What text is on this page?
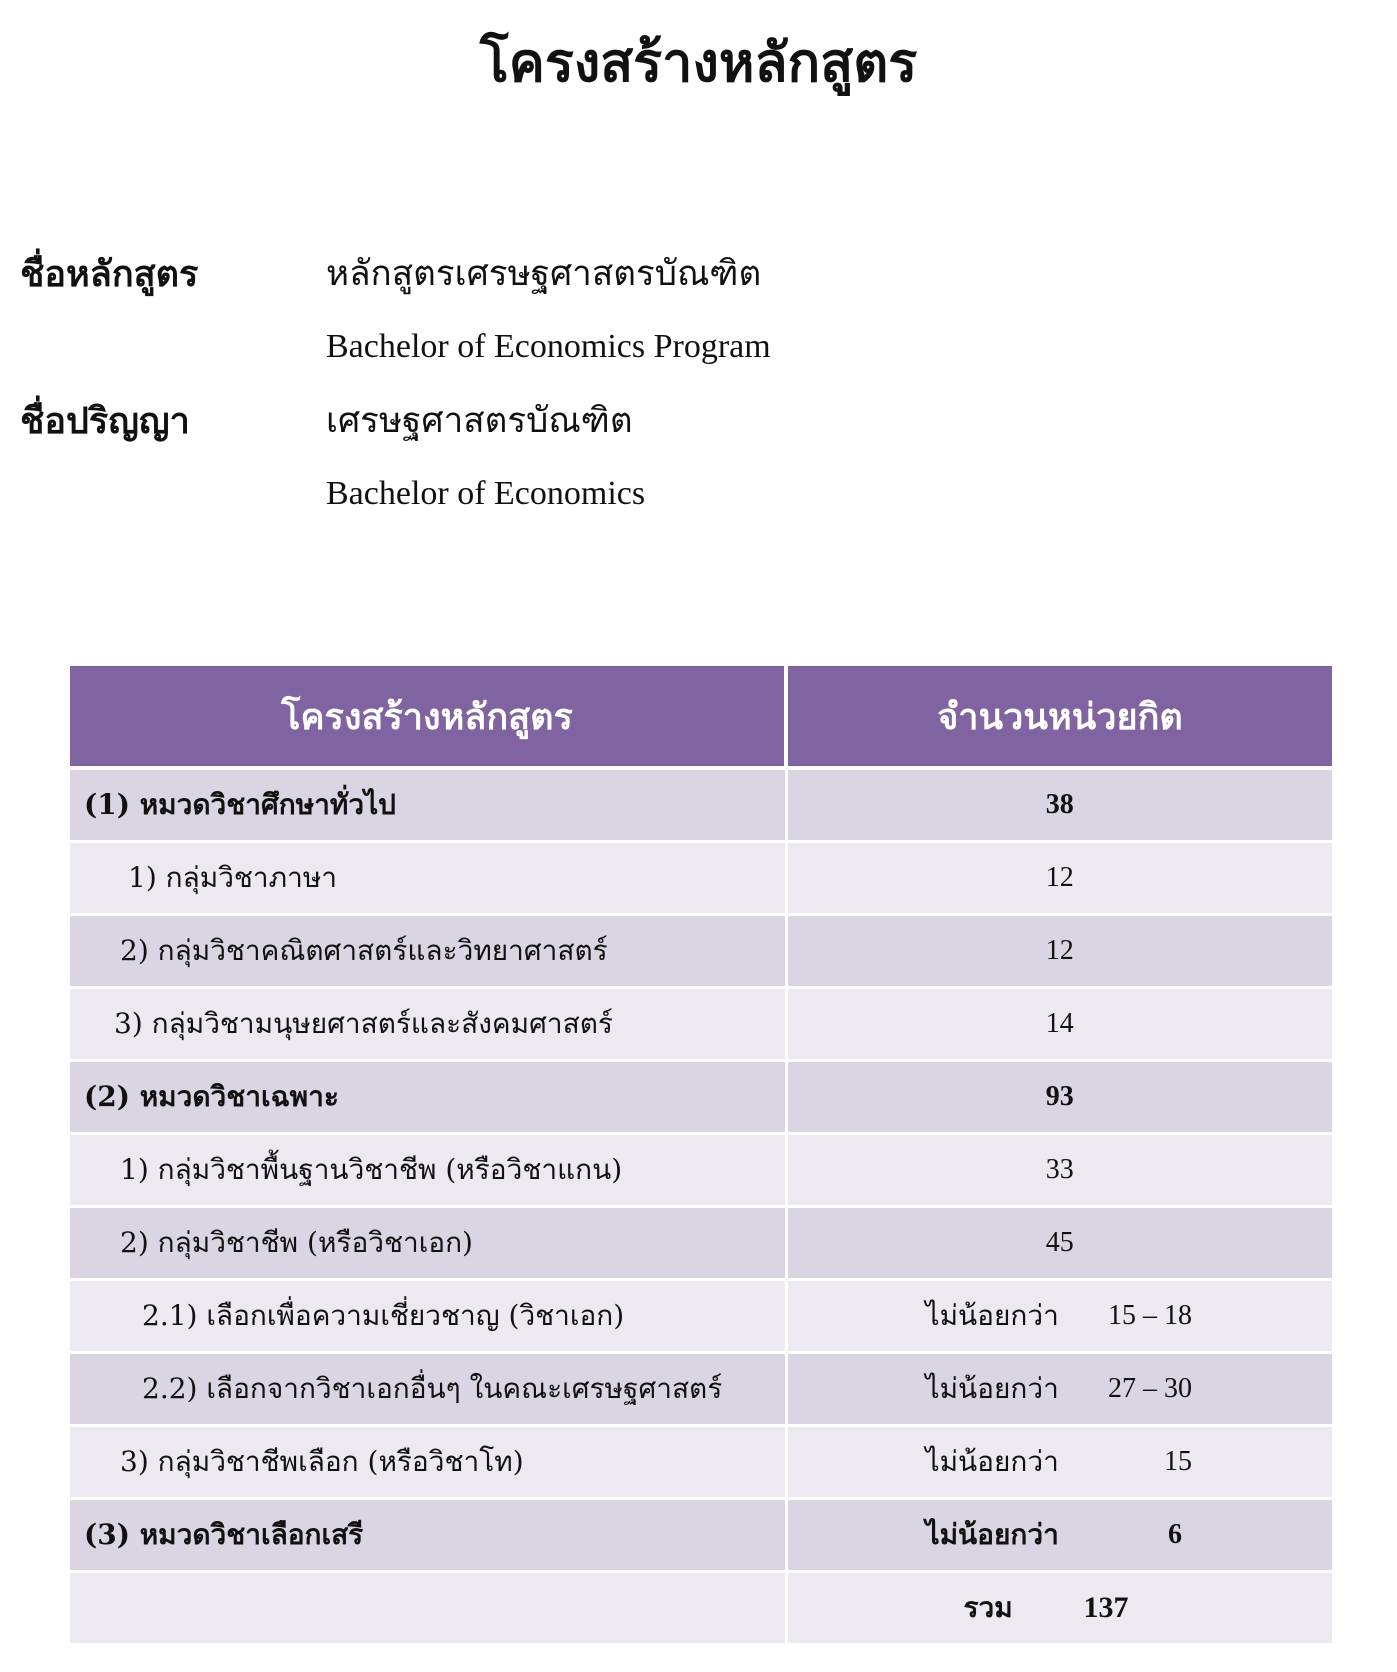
โครงสร้างหลักสูตร
ชื่อหลักสูตร	หลักสูตรเศรษฐศาสตรบัณฑิต
Bachelor of Economics Program
ชื่อปริญญา	เศรษฐศาสตรบัณฑิต
Bachelor of Economics
โครงสร้างหลักสูตร	จำนวนหน่วยกิต
(1) หมวดวิชาศึกษาทั่วไป	38
1) กลุ่มวิชาภาษา	12
2) กลุ่มวิชาคณิตศาสตร์และวิทยาศาสตร์	12
3) กลุ่มวิชามนุษยศาสตร์และสังคมศาสตร์	14
(2) หมวดวิชาเฉพาะ	93
1) กลุ่มวิชาพื้นฐานวิชาชีพ (หรือวิชาแกน)	33
2) กลุ่มวิชาชีพ (หรือวิชาเอก)	45
2.1) เลือกเพื่อความเชี่ยวชาญ (วิชาเอก)	ไม่น้อยกว่า 15 – 18

2.2) เลือกจากวิชาเอกอื่นๆ ในคณะเศรษฐศาสตร์	ไม่น้อยกว่า 27 – 30

3) กลุ่มวิชาชีพเลือก (หรือวิชาโท)	ไม่น้อยกว่า 15

(3) หมวดวิชาเลือกเสรี	ไม่น้อยกว่า 6

	รวม 137
